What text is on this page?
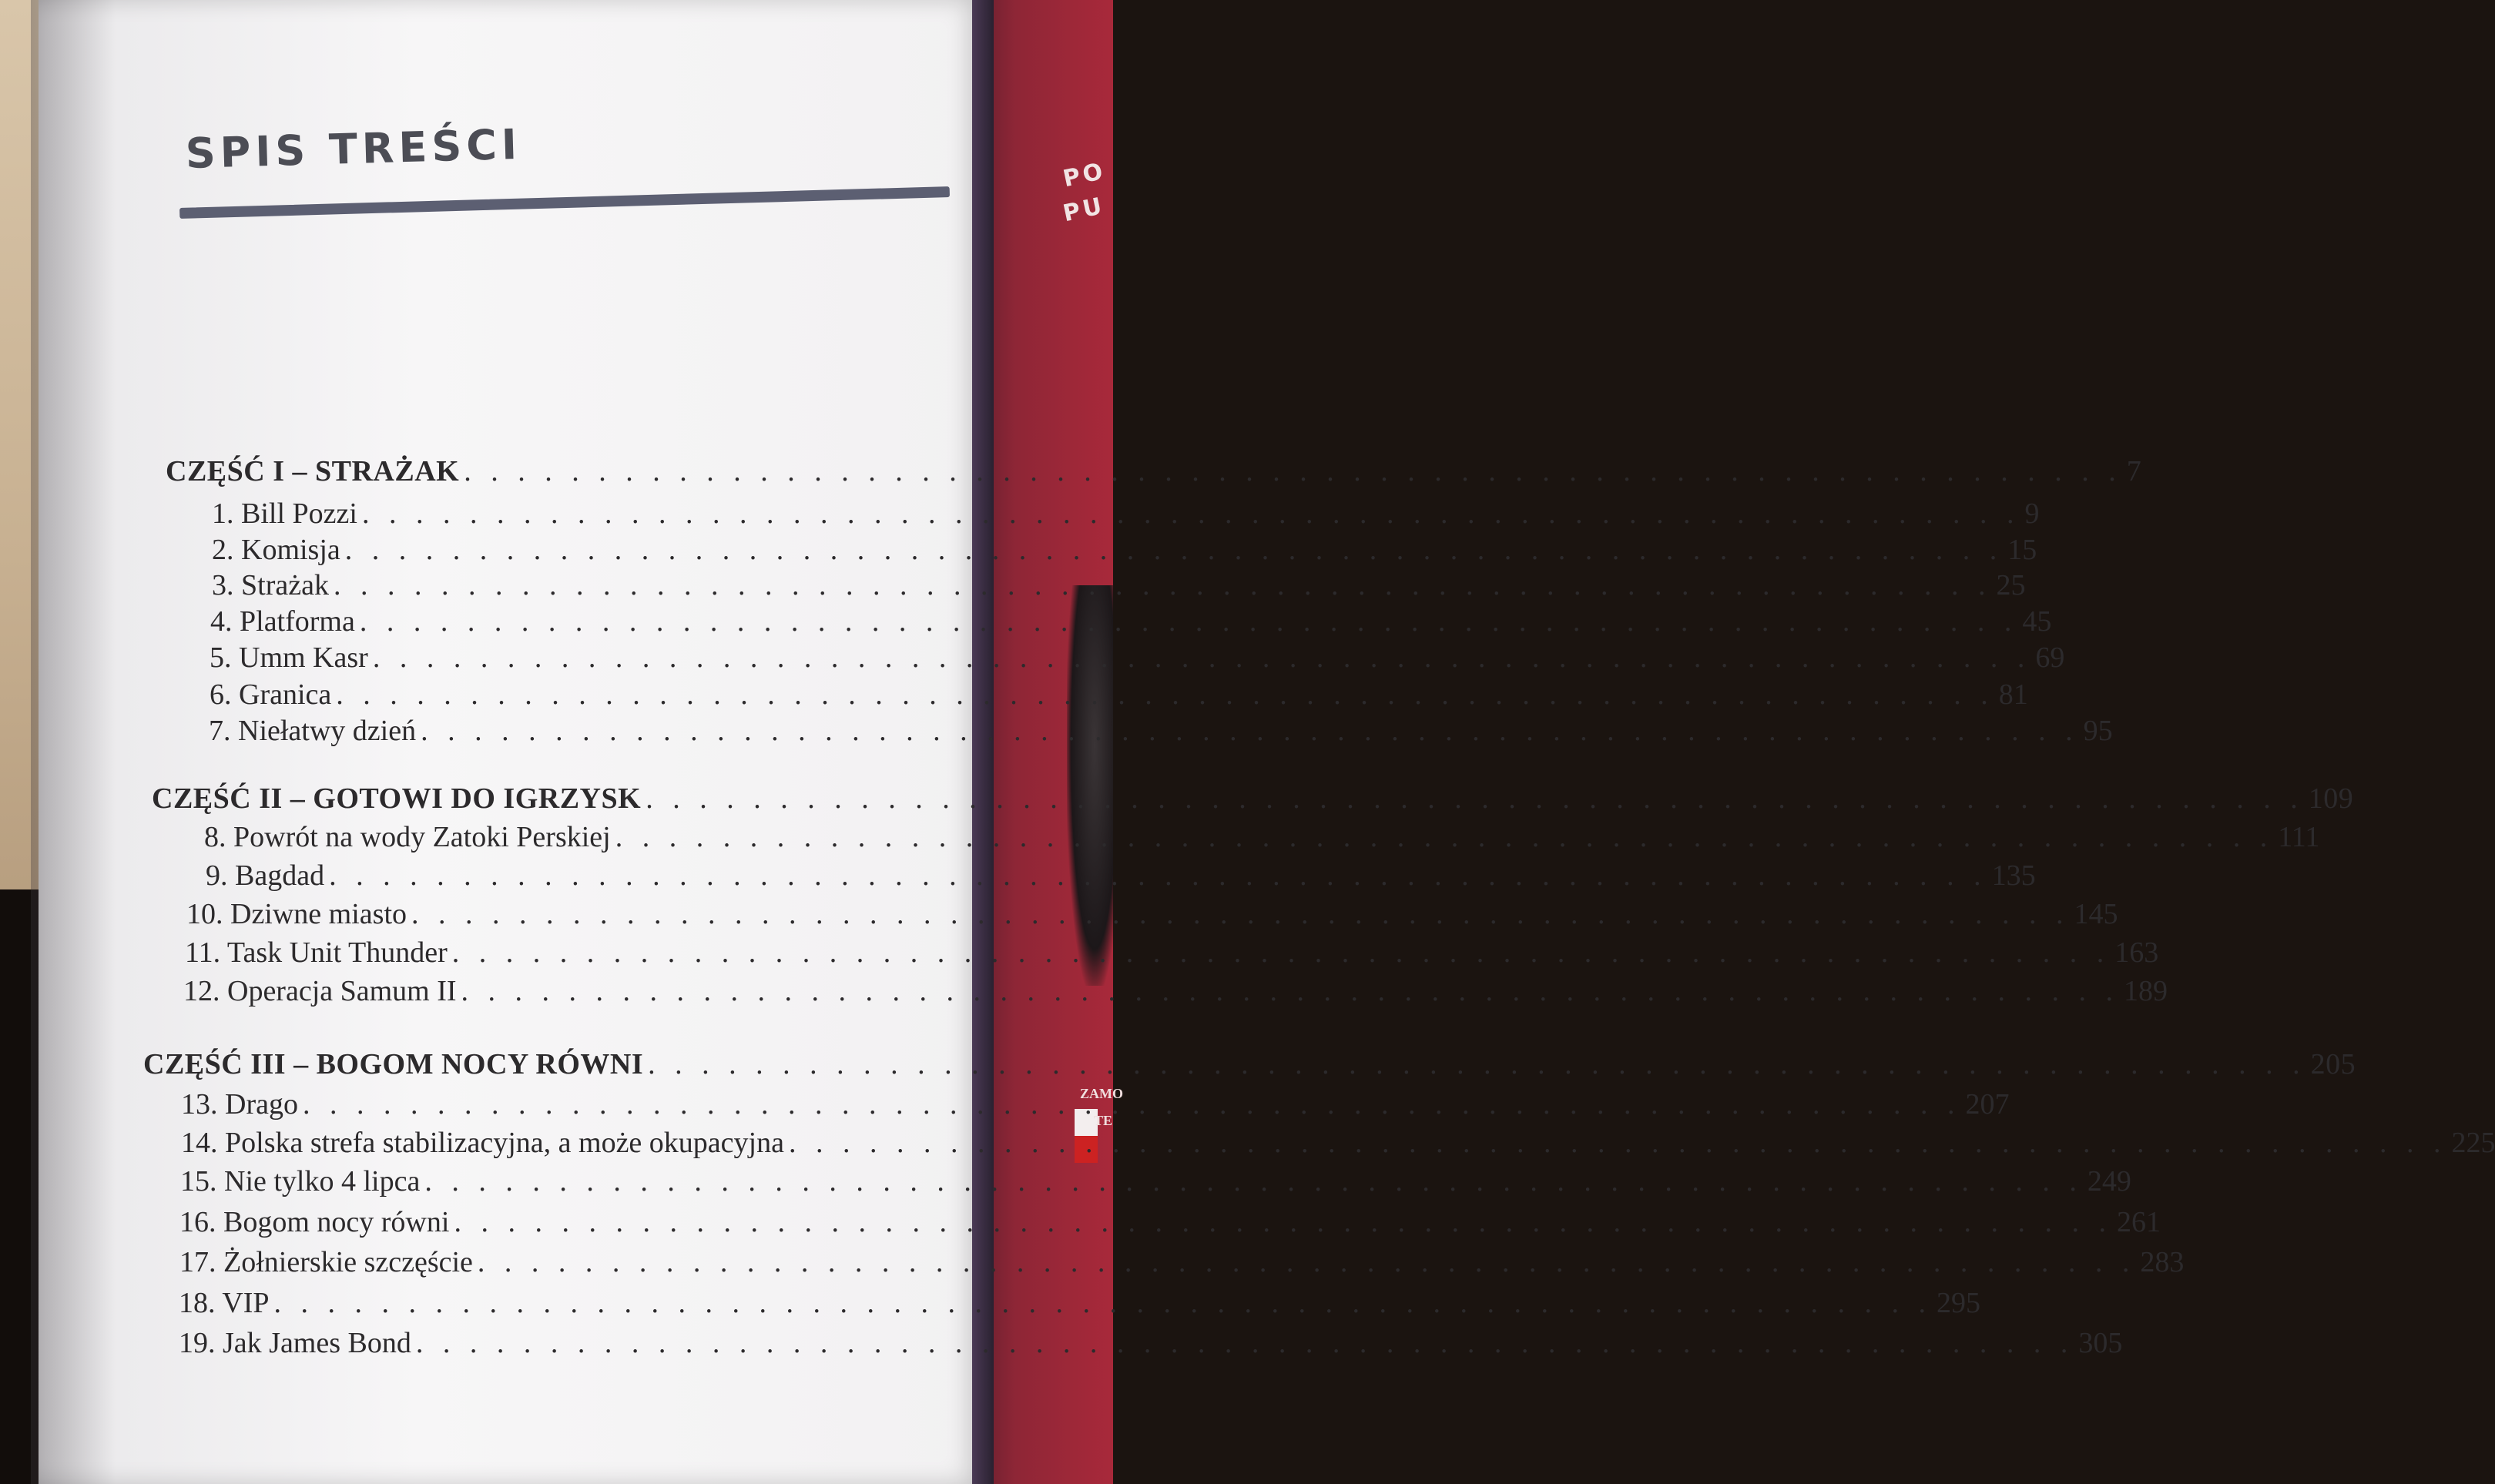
PO
PU
ZAMO
TE
SPIS TREŚCI
CZĘŚĆ I – STRAŻAK . . .	7
1. Bill Pozzi . . .	9
2. Komisja . . .	15
3. Strażak . . .	25
4. Platforma . . .	45
5. Umm Kasr . . .	69
6. Granica . . .	81
7. Niełatwy dzień . . .	95
CZĘŚĆ II – GOTOWI DO IGRZYSK . . .	109
8. Powrót na wody Zatoki Perskiej . . .	111
9. Bagdad . . .	135
10. Dziwne miasto . . .	145
11. Task Unit Thunder . . .	163
12. Operacja Samum II . . .	189
CZĘŚĆ III – BOGOM NOCY RÓWNI . . .	205
13. Drago . . .	207
14. Polska strefa stabilizacyjna, a może okupacyjna . . .	225
15. Nie tylko 4 lipca . . .	249
16. Bogom nocy równi . . .	261
17. Żołnierskie szczęście . . .	283
18. VIP . . .	295
19. Jak James Bond . . .	305
